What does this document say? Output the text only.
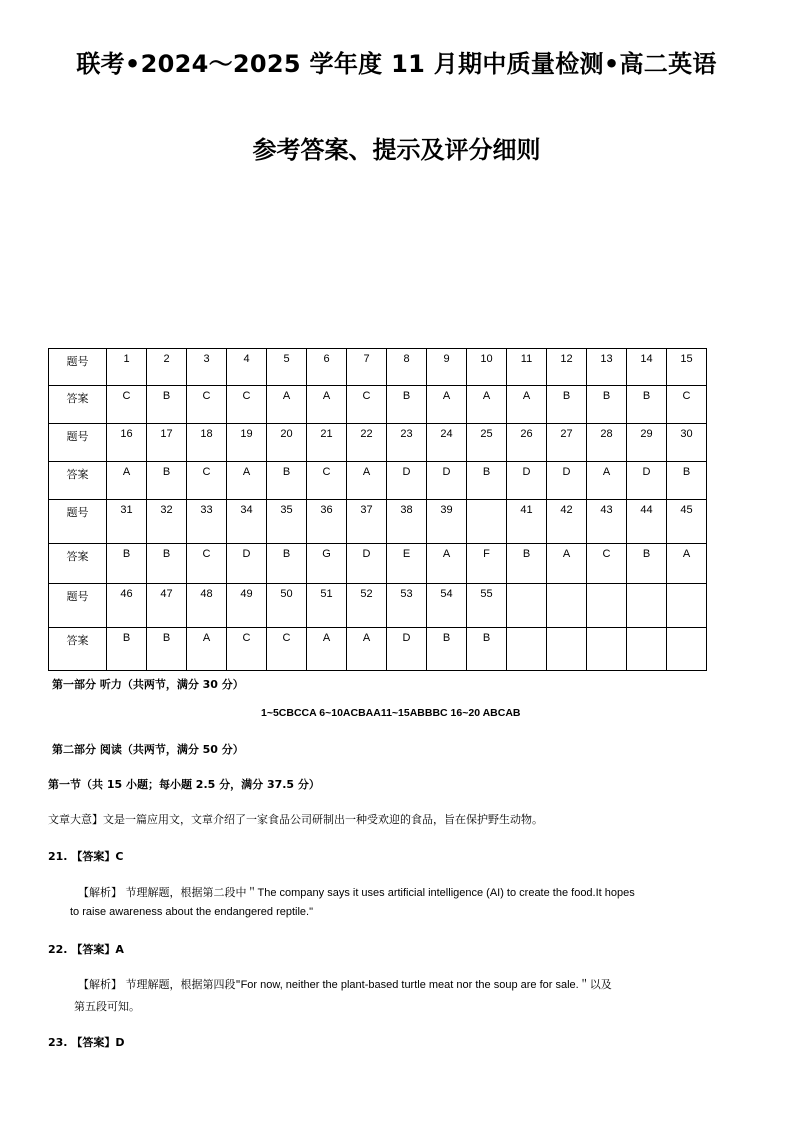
联考•2024～2025 学年度 11 月期中质量检测•高二英语
参考答案、提示及评分细则
题号	1	2	3	4	5	6	7	8	9	10	11	12	13	14	15
答案	C	B	C	C	A	A	C	B	A	A	A	B	B	B	C
题号	16	17	18	19	20	21	22	23	24	25	26	27	28	29	30
答案	A	B	C	A	B	C	A	D	D	B	D	D	A	D	B
题号	31	32	33	34	35	36	37	38	39		41	42	43	44	45
答案	B	B	C	D	B	G	D	E	A	F	B	A	C	B	A
题号	46	47	48	49	50	51	52	53	54	55					
答案	B	B	A	C	C	A	A	D	B	B					
第一部分 听力（共两节，满分 30 分）
1~5CBCCA 6~10ACBAA11~15ABBBC 16~20 ABCAB
第二部分 阅读（共两节，满分 50 分）
第一节（共 15 小题；每小题 2.5 分，满分 37.5 分）
文章大意】文是一篇应用文，文章介绍了一家食品公司研制出一种受欢迎的食品，旨在保护野生动物。
21. 【答案】C
【解析】 节理解题，根据第二段中＂The company says it uses artificial intelligence (AI) to create the food.It hopes
to raise awareness about the endangered reptile."
22. 【答案】A
【解析】 节理解题，根据第四段"For now, neither the plant-based turtle meat nor the soup are for sale.＂以及
第五段可知。
23. 【答案】D
